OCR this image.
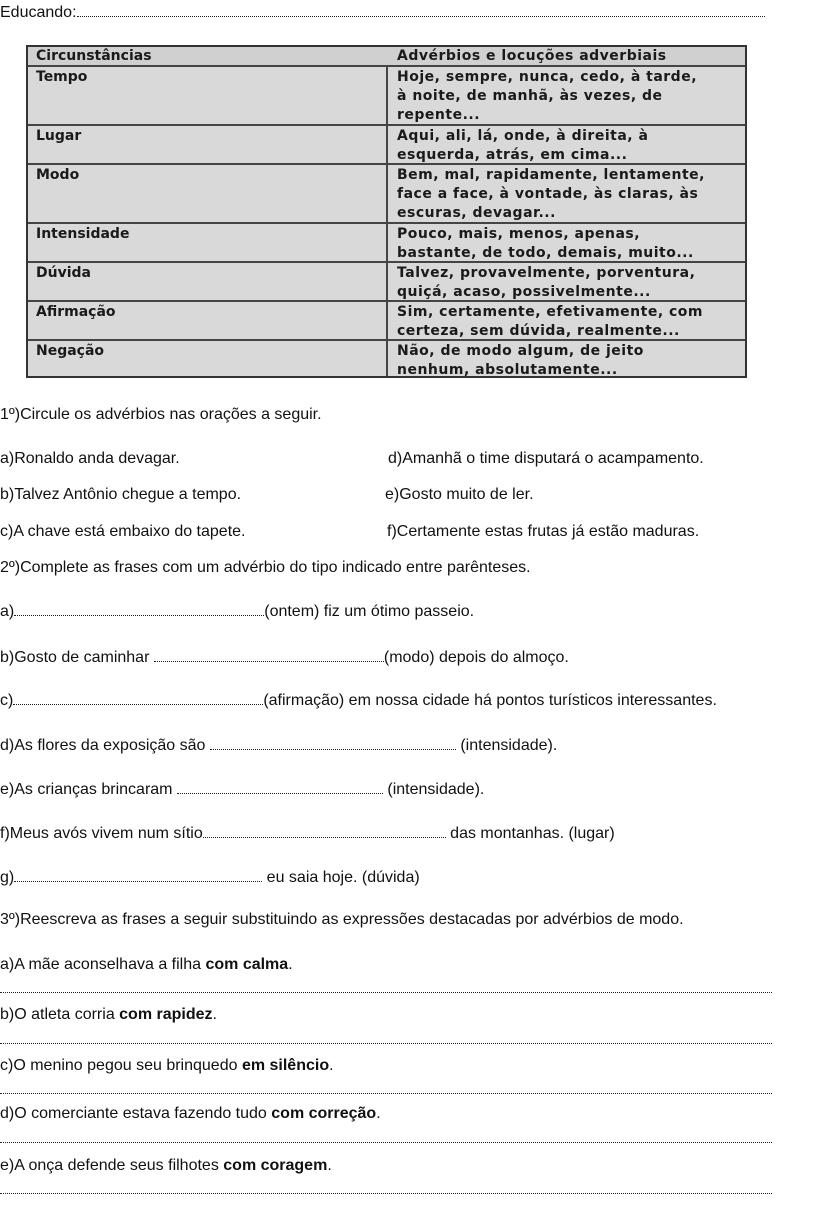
Educando:
Circunstâncias	Advérbios e locuções adverbiais
Tempo	Hoje, sempre, nunca, cedo, à tarde,
à noite, de manhã, às vezes, de
repente...
Lugar	Aqui, ali, lá, onde, à direita, à
esquerda, atrás, em cima...
Modo	Bem, mal, rapidamente, lentamente,
face a face, à vontade, às claras, às
escuras, devagar...
Intensidade	Pouco, mais, menos, apenas,
bastante, de todo, demais, muito...
Dúvida	Talvez, provavelmente, porventura,
quiçá, acaso, possivelmente...
Afirmação	Sim, certamente, efetivamente, com
certeza, sem dúvida, realmente...
Negação	Não, de modo algum, de jeito
nenhum, absolutamente...
1º)Circule os advérbios nas orações a seguir.
a)Ronaldo anda devagar.	d)Amanhã o time disputará o acampamento.
b)Talvez Antônio chegue a tempo.	e)Gosto muito de ler.
c)A chave está embaixo do tapete.	f)Certamente estas frutas já estão maduras.
2º)Complete as frases com um advérbio do tipo indicado entre parênteses.
a)	(ontem) fiz um ótimo passeio.
b)Gosto de caminhar	(modo) depois do almoço.
c)	(afirmação) em nossa cidade há pontos turísticos interessantes.
d)As flores da exposição são	(intensidade).
e)As crianças brincaram	(intensidade).
f)Meus avós vivem num sítio	das montanhas. (lugar)
g)	eu saia hoje. (dúvida)
3º)Reescreva as frases a seguir substituindo as expressões destacadas por advérbios de modo.
a)A mãe aconselhava a filha com calma.
b)O atleta corria com rapidez.
c)O menino pegou seu brinquedo em silêncio.
d)O comerciante estava fazendo tudo com correção.
e)A onça defende seus filhotes com coragem.
